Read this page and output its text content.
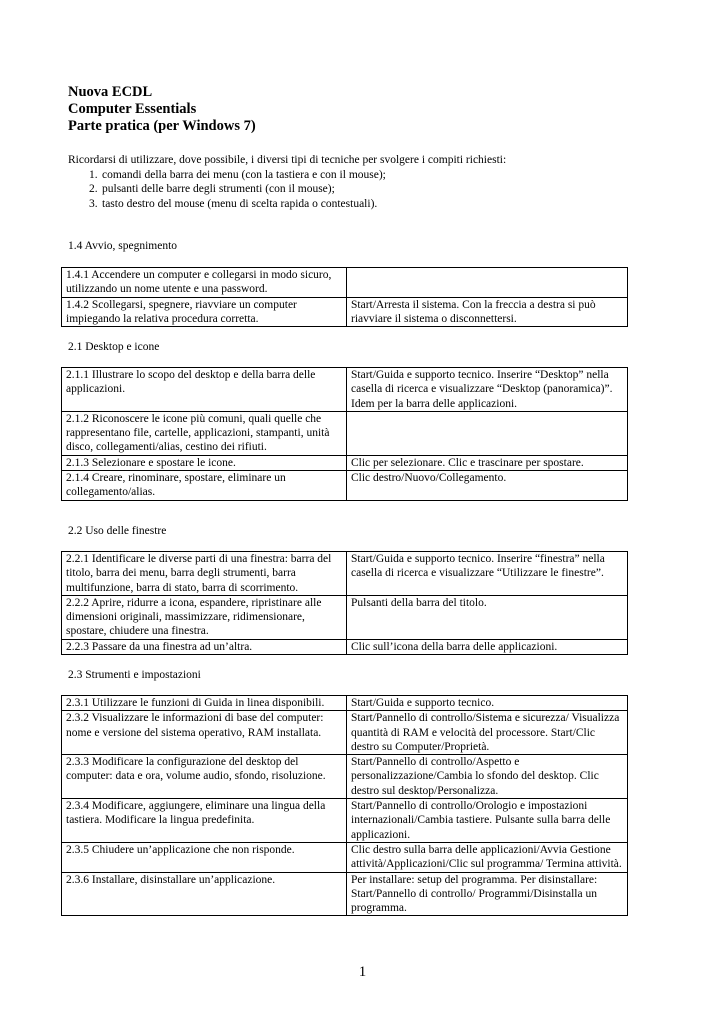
Nuova ECDL
Computer Essentials
Parte pratica (per Windows 7)
Ricordarsi di utilizzare, dove possibile, i diversi tipi di tecniche per svolgere i compiti richiesti:
1. comandi della barra dei menu (con la tastiera e con il mouse);
2. pulsanti delle barre degli strumenti (con il mouse);
3. tasto destro del mouse (menu di scelta rapida o contestuali).
1.4 Avvio, spegnimento
1.4.1 Accendere un computer e collegarsi in modo sicuro, utilizzando un nome utente e una password.	
1.4.2 Scollegarsi, spegnere, riavviare un computer impiegando la relativa procedura corretta.	Start/Arresta il sistema. Con la freccia a destra si può riavviare il sistema o disconnettersi.
2.1 Desktop e icone
2.1.1 Illustrare lo scopo del desktop e della barra delle applicazioni.	Start/Guida e supporto tecnico. Inserire “Desktop” nella casella di ricerca e visualizzare “Desktop (panoramica)”. Idem per la barra delle applicazioni.
2.1.2 Riconoscere le icone più comuni, quali quelle che rappresentano file, cartelle, applicazioni, stampanti, unità disco, collegamenti/alias, cestino dei rifiuti.	
2.1.3 Selezionare e spostare le icone.	Clic per selezionare. Clic e trascinare per spostare.
2.1.4 Creare, rinominare, spostare, eliminare un collegamento/alias.	Clic destro/Nuovo/Collegamento.
2.2 Uso delle finestre
2.2.1 Identificare le diverse parti di una finestra: barra del titolo, barra dei menu, barra degli strumenti, barra multifunzione, barra di stato, barra di scorrimento.	Start/Guida e supporto tecnico. Inserire “finestra” nella casella di ricerca e visualizzare “Utilizzare le finestre”.
2.2.2 Aprire, ridurre a icona, espandere, ripristinare alle dimensioni originali, massimizzare, ridimensionare, spostare, chiudere una finestra.	Pulsanti della barra del titolo.
2.2.3 Passare da una finestra ad un’altra.	Clic sull’icona della barra delle applicazioni.
2.3 Strumenti e impostazioni
2.3.1 Utilizzare le funzioni di Guida in linea disponibili.	Start/Guida e supporto tecnico.
2.3.2 Visualizzare le informazioni di base del computer: nome e versione del sistema operativo, RAM installata.	Start/Pannello di controllo/Sistema e sicurezza/ Visualizza quantità di RAM e velocità del processore. Start/Clic destro su Computer/Proprietà.
2.3.3 Modificare la configurazione del desktop del computer: data e ora, volume audio, sfondo, risoluzione.	Start/Pannello di controllo/Aspetto e personalizzazione/Cambia lo sfondo del desktop. Clic destro sul desktop/Personalizza.
2.3.4 Modificare, aggiungere, eliminare una lingua della tastiera. Modificare la lingua predefinita.	Start/Pannello di controllo/Orologio e impostazioni internazionali/Cambia tastiere. Pulsante sulla barra delle applicazioni.
2.3.5 Chiudere un’applicazione che non risponde.	Clic destro sulla barra delle applicazioni/Avvia Gestione attività/Applicazioni/Clic sul programma/ Termina attività.
2.3.6 Installare, disinstallare un’applicazione.	Per installare: setup del programma. Per disinstallare: Start/Pannello di controllo/ Programmi/Disinstalla un programma.
1
